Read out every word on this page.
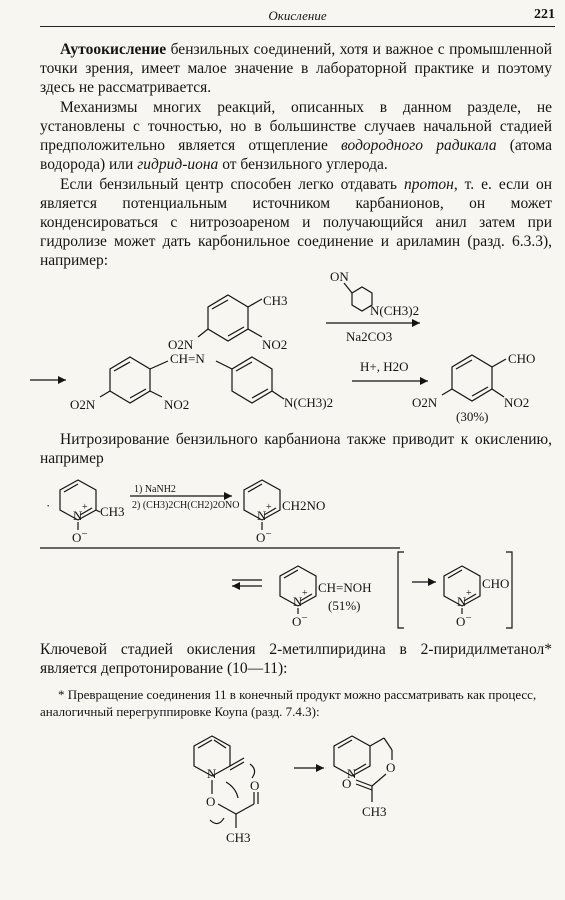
Окисление	221

Аутоокисление бензильных соединений, хотя и важное с промышленной точки зрения, имеет малое значение в лабораторной практике и поэтому здесь не рассматривается.

Механизмы многих реакций, описанных в данном разделе, не установлены с точностью, но в большинстве случаев начальной стадией предположительно является отщепление водородного радикала (атома водорода) или гидрид-иона от бензильного углерода.

Если бензильный центр способен легко отдавать протон, т. е. если он является потенциальным источником карбанионов, он может конденсироваться с нитрозоареном и получающийся анил затем при гидролизе может дать карбонильное соединение и ариламин (разд. 6.3.3), например:

ON
N(CH3)2
Na2CO3
CH3
NO2
O2N
O2N	NO2
CH=N
N(CH3)2
H+, H2O
CHO
NO2
O2N
(30%)

Нитрозирование бензильного карбаниона также приводит к окислению, например

·
N
+ CH3
O –
1) NaNH2
2) (CH3)2CH(CH2)2ONO
N
+ CH2NO
O –
N
+ CH=NOH
O –
(51%)	N
+
CHO
O –

Ключевой стадией окисления 2-метилпиридина в 2-пиридилметанол* является депротонирование (10—11):

* Превращение соединения 11 в конечный продукт можно рассматривать как процесс, аналогичный перегруппировке Коупа (разд. 7.4.3):

N
O
O
CH3
N O
O
CH3
